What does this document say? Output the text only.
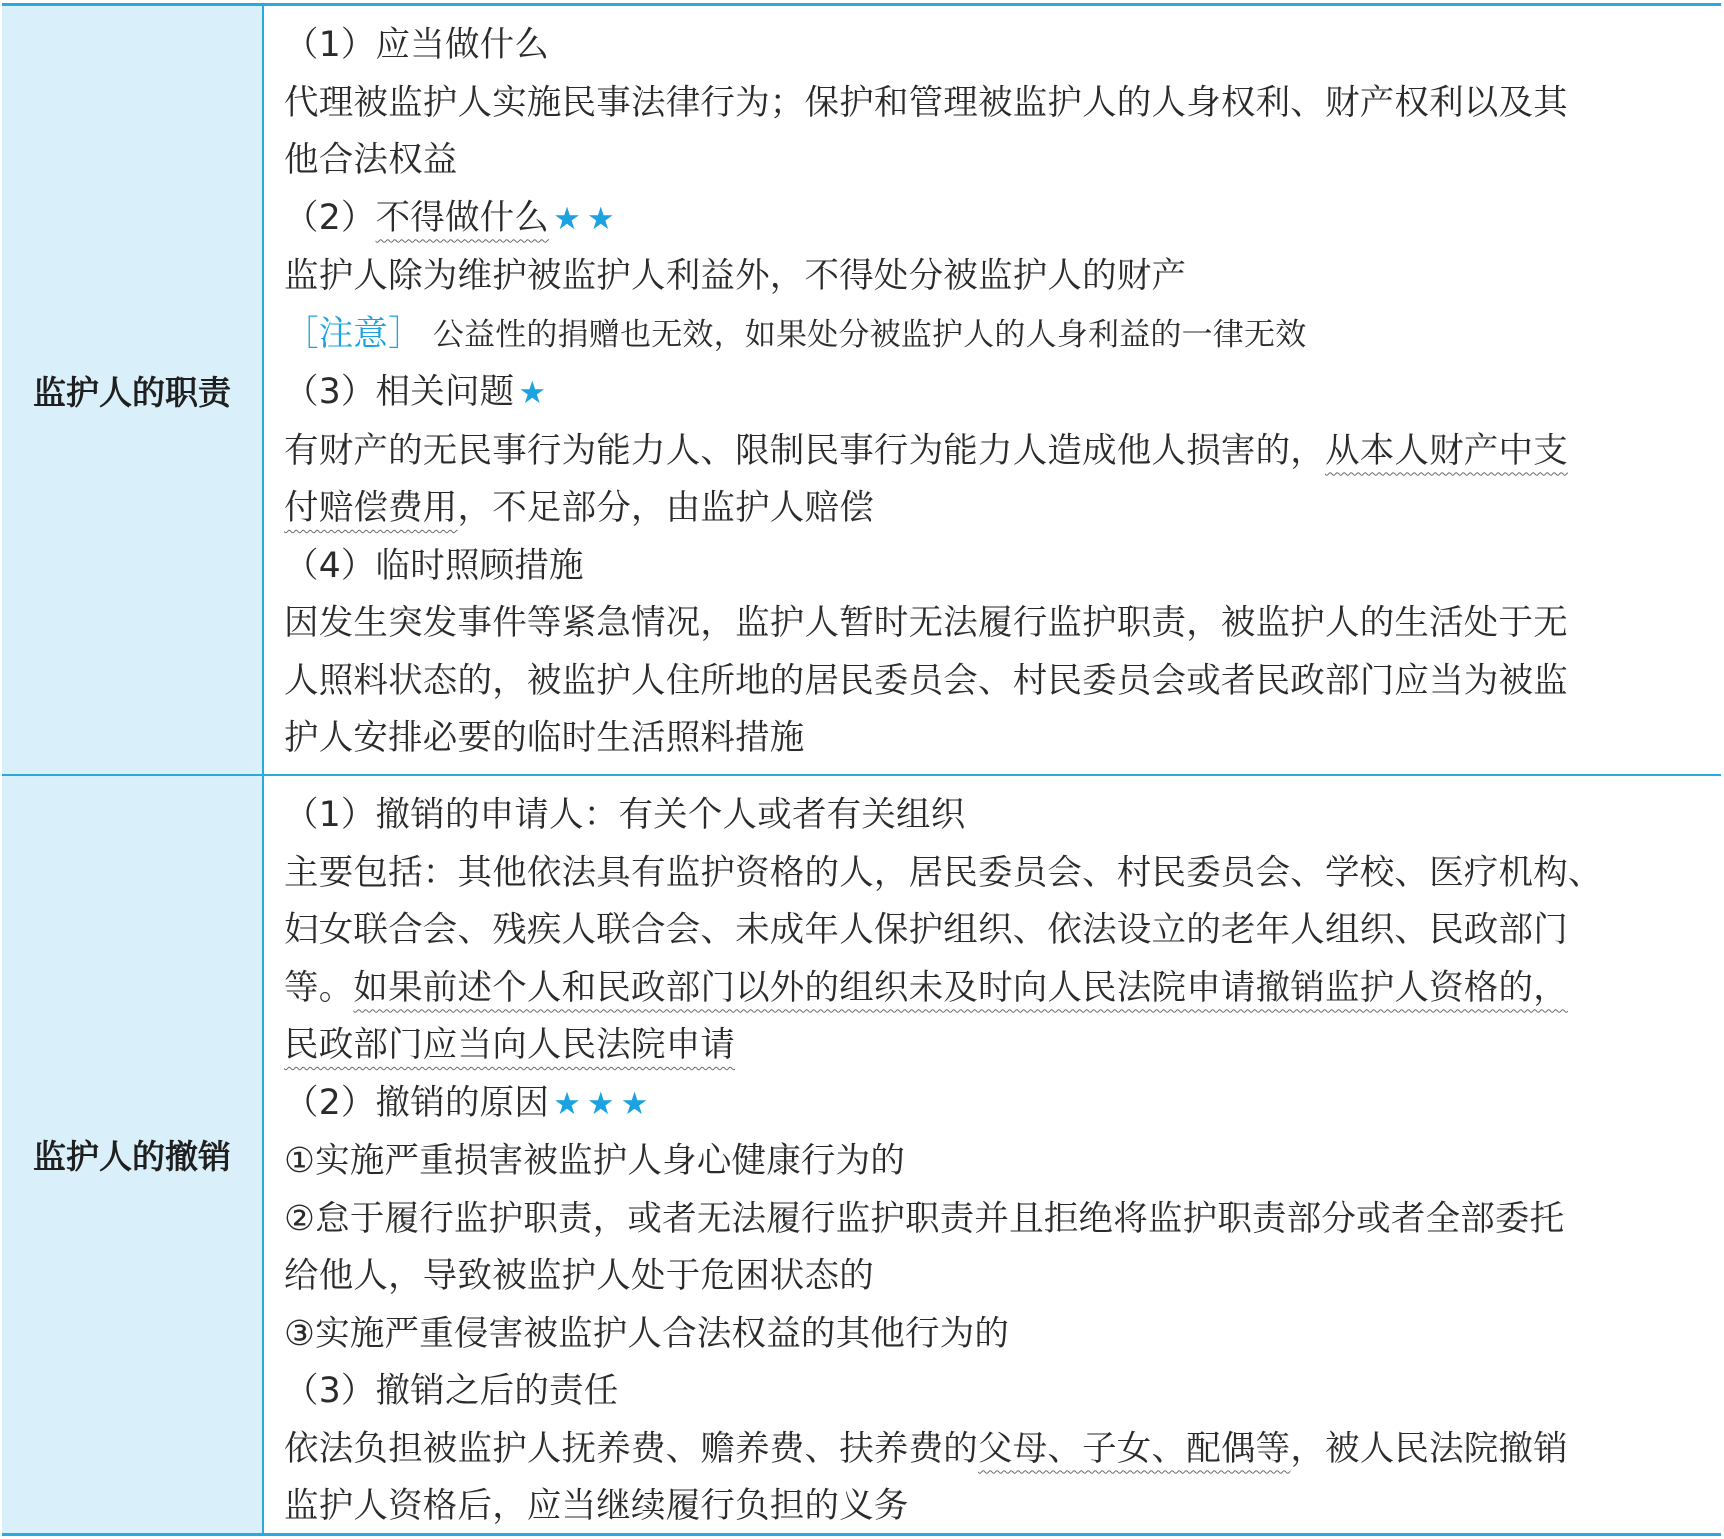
监护人的职责
（1）应当做什么
代理被监护人实施民事法律行为；保护和管理被监护人的人身权利、财产权利以及其
他合法权益
（2）不得做什么 ★★
监护人除为维护被监护人利益外，不得处分被监护人的财产
［注意］ 公益性的捐赠也无效，如果处分被监护人的人身利益的一律无效
（3）相关问题 ★
有财产的无民事行为能力人、限制民事行为能力人造成他人损害的，从本人财产中支
付赔偿费用，不足部分，由监护人赔偿
（4）临时照顾措施
因发生突发事件等紧急情况，监护人暂时无法履行监护职责，被监护人的生活处于无
人照料状态的，被监护人住所地的居民委员会、村民委员会或者民政部门应当为被监
护人安排必要的临时生活照料措施
监护人的撤销
（1）撤销的申请人：有关个人或者有关组织
主要包括：其他依法具有监护资格的人，居民委员会、村民委员会、学校、医疗机构、
妇女联合会、残疾人联合会、未成年人保护组织、依法设立的老年人组织、民政部门
等。如果前述个人和民政部门以外的组织未及时向人民法院申请撤销监护人资格的，
民政部门应当向人民法院申请
（2）撤销的原因 ★★★
①实施严重损害被监护人身心健康行为的
②怠于履行监护职责，或者无法履行监护职责并且拒绝将监护职责部分或者全部委托
给他人，导致被监护人处于危困状态的
③实施严重侵害被监护人合法权益的其他行为的
（3）撤销之后的责任
依法负担被监护人抚养费、赡养费、扶养费的父母、子女、配偶等，被人民法院撤销
监护人资格后，应当继续履行负担的义务
